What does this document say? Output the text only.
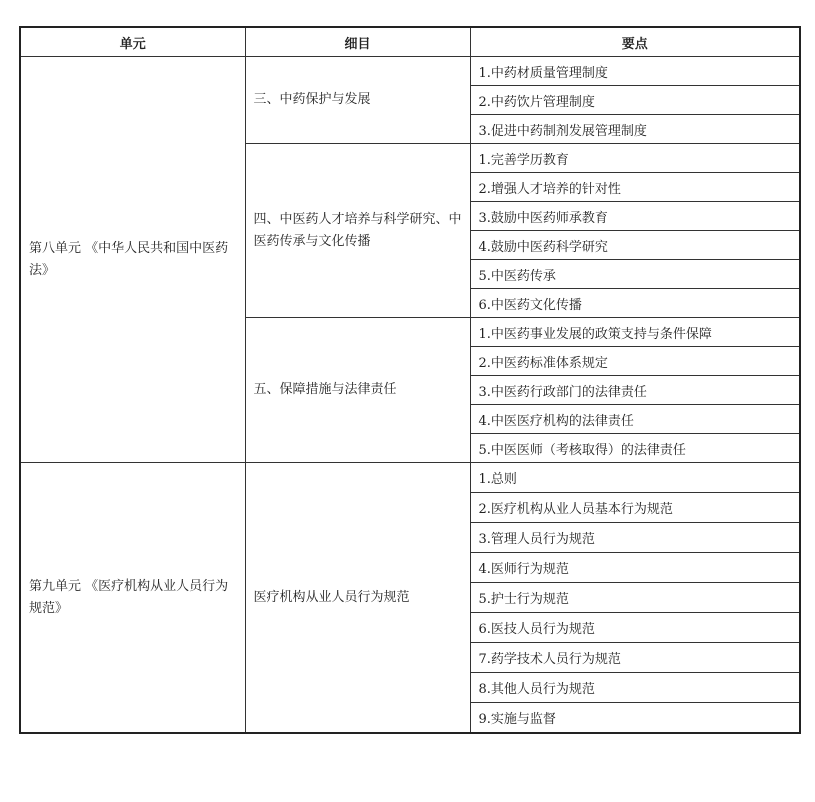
单元	细目	要点
第八单元 《中华人民共和国中医药法》	三、中药保护与发展	1.中药材质量管理制度
		2.中药饮片管理制度
		3.促进中药制剂发展管理制度
	四、中医药人才培养与科学研究、中医药传承与文化传播	1.完善学历教育
		2.增强人才培养的针对性
		3.鼓励中医药师承教育
		4.鼓励中医药科学研究
		5.中医药传承
		6.中医药文化传播
	五、保障措施与法律责任	1.中医药事业发展的政策支持与条件保障
		2.中医药标准体系规定
		3.中医药行政部门的法律责任
		4.中医医疗机构的法律责任
		5.中医医师（考核取得）的法律责任
第九单元 《医疗机构从业人员行为规范》	医疗机构从业人员行为规范	1.总则
		2.医疗机构从业人员基本行为规范
		3.管理人员行为规范
		4.医师行为规范
		5.护士行为规范
		6.医技人员行为规范
		7.药学技术人员行为规范
		8.其他人员行为规范
		9.实施与监督
